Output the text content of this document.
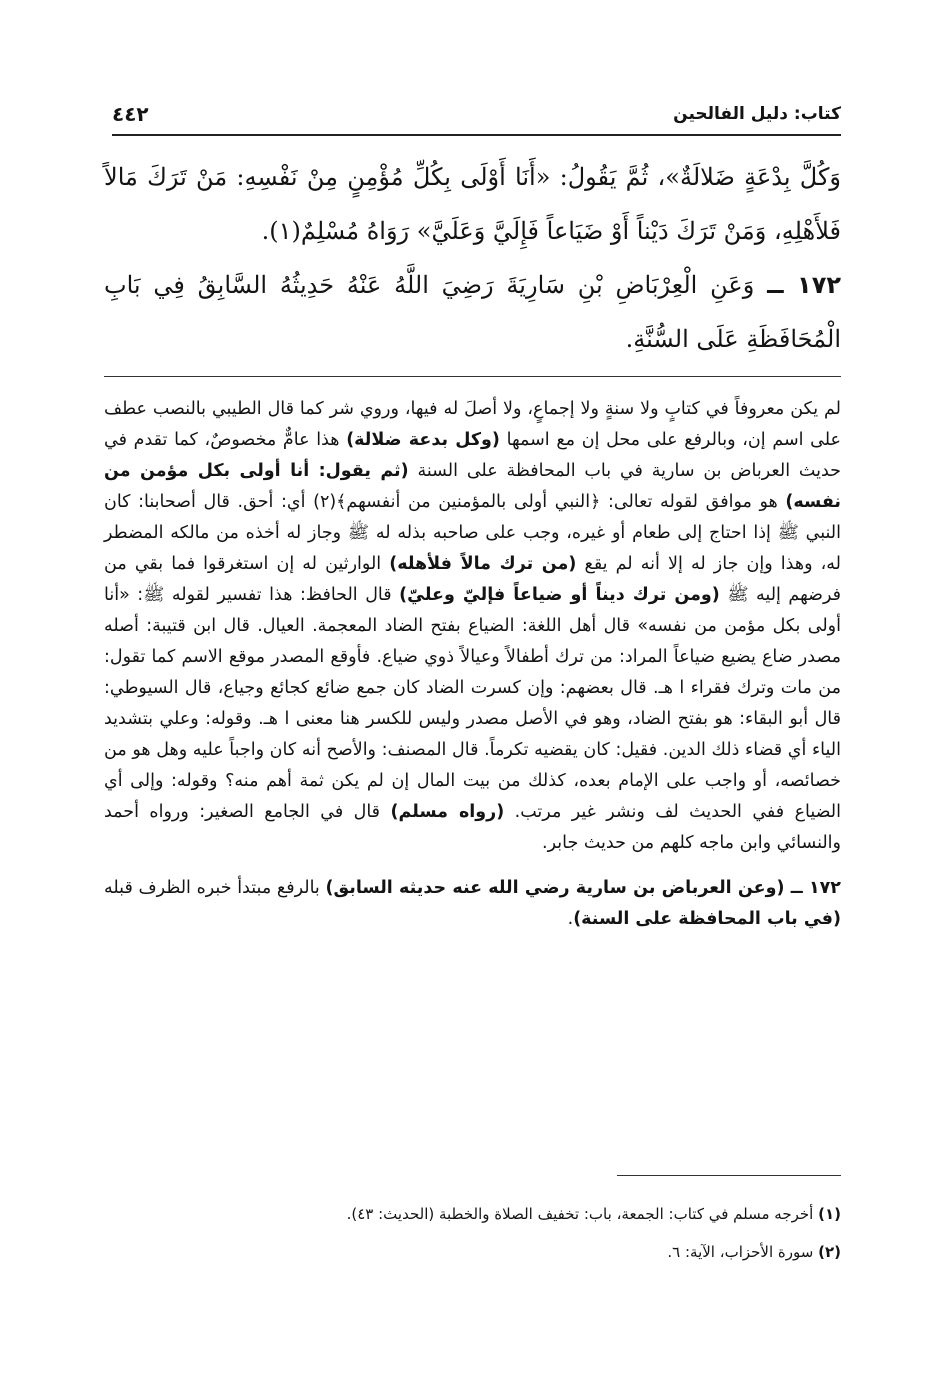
كتاب: دليل الفالحين
٤٤٢

وَكُلَّ بِدْعَةٍ ضَلالَةٌ»، ثُمَّ يَقُولُ: «أَنَا أَوْلَى بِكُلِّ مُؤْمِنٍ مِنْ نَفْسِهِ: مَنْ تَرَكَ مَالاً فَلأَهْلِهِ، وَمَنْ تَرَكَ دَيْناً أَوْ ضَيَاعاً فَإِلَيَّ وَعَلَيَّ» رَوَاهُ مُسْلِمٌ(١).

١٧٢ ــ وَعَنِ الْعِرْبَاضِ بْنِ سَارِيَةَ رَضِيَ اللَّهُ عَنْهُ حَدِيثُهُ السَّابِقُ فِي بَابِ الْمُحَافَظَةِ عَلَى السُّنَّةِ.

لم يكن معروفاً في كتابٍ ولا سنةٍ ولا إجماعٍ، ولا أصلَ له فيها، وروي شر كما قال الطيبي بالنصب عطف على اسم إن، وبالرفع على محل إن مع اسمها (وكل بدعة ضلالة) هذا عامٌّ مخصوصٌ، كما تقدم في حديث العرباض بن سارية في باب المحافظة على السنة (ثم يقول: أنا أولى بكل مؤمن من نفسه) هو موافق لقوله تعالى: ﴿النبي أولى بالمؤمنين من أنفسهم﴾(٢) أي: أحق. قال أصحابنا: كان النبي ﷺ إذا احتاج إلى طعام أو غيره، وجب على صاحبه بذله له ﷺ وجاز له أخذه من مالكه المضطر له، وهذا وإن جاز له إلا أنه لم يقع (من ترك مالاً فلأهله) الوارثين له إن استغرقوا فما بقي من فرضهم إليه ﷺ (ومن ترك ديناً أو ضياعاً فإليّ وعليّ) قال الحافظ: هذا تفسير لقوله ﷺ: «أنا أولى بكل مؤمن من نفسه» قال أهل اللغة: الضياع بفتح الضاد المعجمة. العيال. قال ابن قتيبة: أصله مصدر ضاع يضيع ضياعاً المراد: من ترك أطفالاً وعيالاً ذوي ضياع. فأوقع المصدر موقع الاسم كما تقول: من مات وترك فقراء ا هـ. قال بعضهم: وإن كسرت الضاد كان جمع ضائع كجائع وجياع، قال السيوطي: قال أبو البقاء: هو بفتح الضاد، وهو في الأصل مصدر وليس للكسر هنا معنى ا هـ. وقوله: وعلي بتشديد الياء أي قضاء ذلك الدين. فقيل: كان يقضيه تكرماً. قال المصنف: والأصح أنه كان واجباً عليه وهل هو من خصائصه، أو واجب على الإمام بعده، كذلك من بيت المال إن لم يكن ثمة أهم منه؟ وقوله: وإلى أي الضياع ففي الحديث لف ونشر غير مرتب. (رواه مسلم) قال في الجامع الصغير: ورواه أحمد والنسائي وابن ماجه كلهم من حديث جابر.

١٧٢ ــ (وعن العرباض بن سارية رضي الله عنه حديثه السابق) بالرفع مبتدأ خبره الظرف قبله (في باب المحافظة على السنة).

(١) أخرجه مسلم في كتاب: الجمعة، باب: تخفيف الصلاة والخطبة (الحديث: ٤٣).

(٢) سورة الأحزاب، الآية: ٦.
